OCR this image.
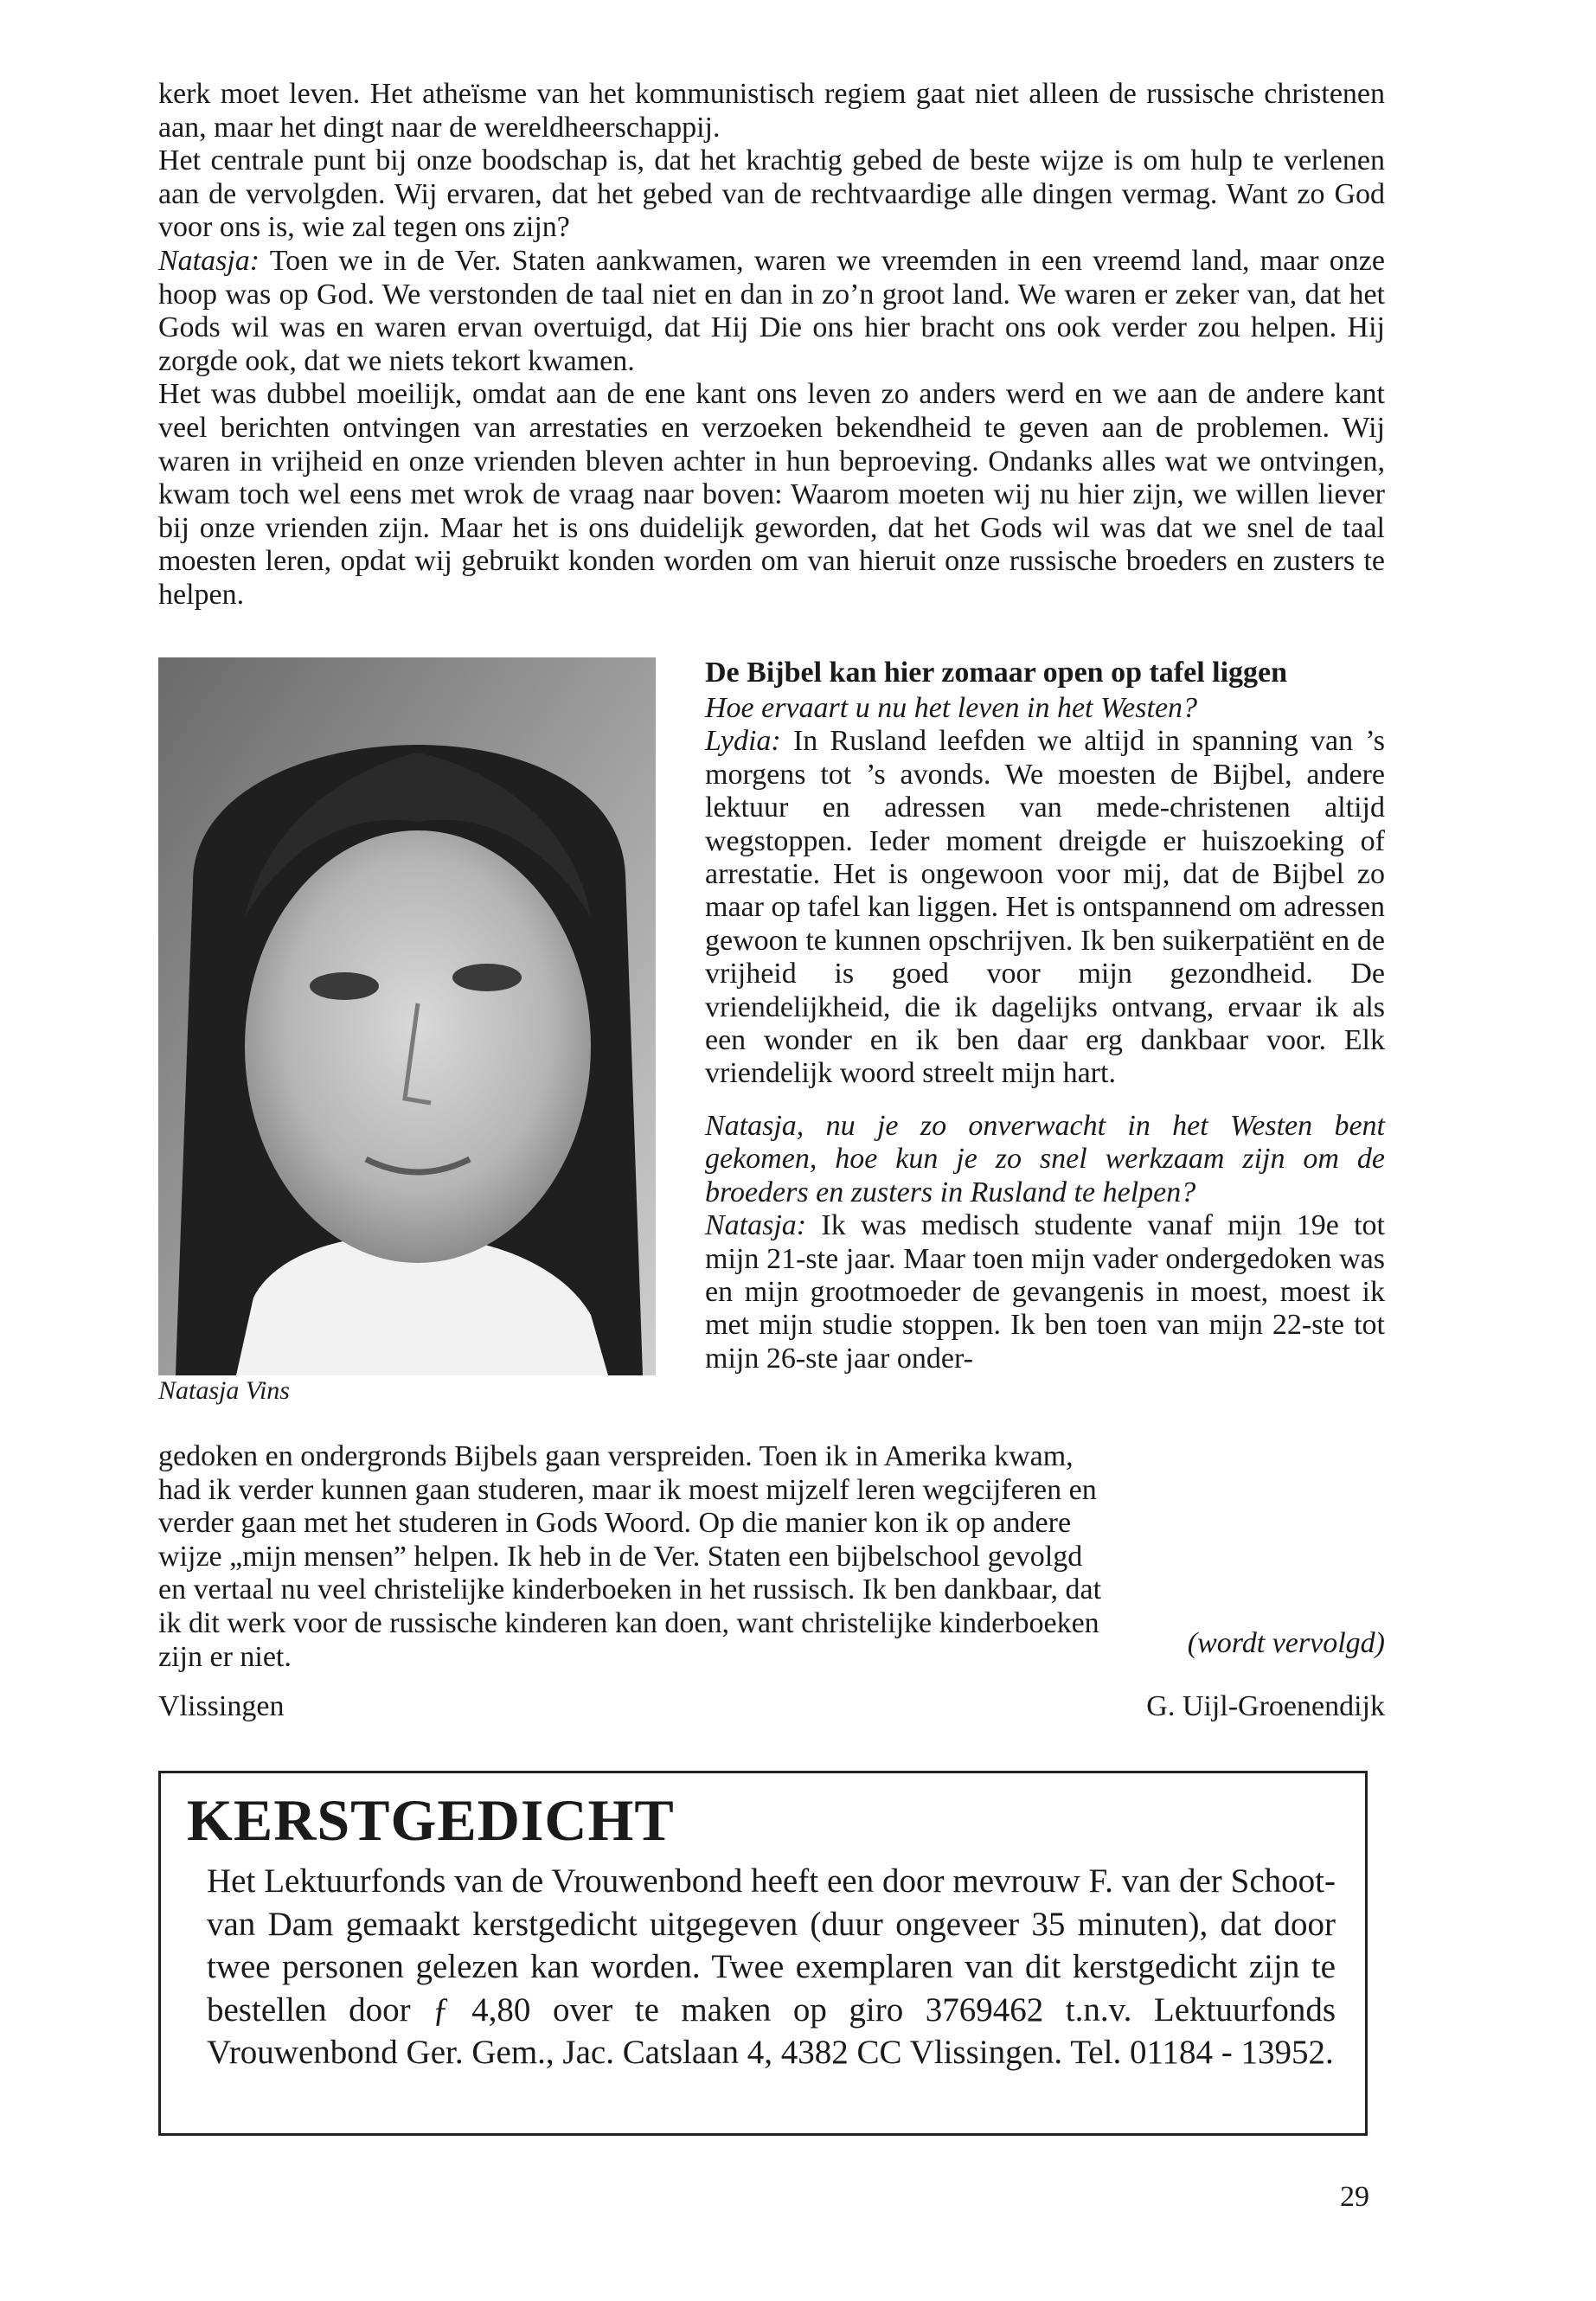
kerk moet leven. Het atheïsme van het kommunistisch regiem gaat niet alleen de russische christenen aan, maar het dingt naar de wereldheerschappij.

Het centrale punt bij onze boodschap is, dat het krachtig gebed de beste wijze is om hulp te verlenen aan de vervolgden. Wij ervaren, dat het gebed van de rechtvaardige alle dingen vermag. Want zo God voor ons is, wie zal tegen ons zijn?

Natasja: Toen we in de Ver. Staten aankwamen, waren we vreemden in een vreemd land, maar onze hoop was op God. We verstonden de taal niet en dan in zo’n groot land. We waren er zeker van, dat het Gods wil was en waren ervan overtuigd, dat Hij Die ons hier bracht ons ook verder zou helpen. Hij zorgde ook, dat we niets tekort kwamen.

Het was dubbel moeilijk, omdat aan de ene kant ons leven zo anders werd en we aan de andere kant veel berichten ontvingen van arrestaties en verzoeken bekendheid te geven aan de problemen. Wij waren in vrijheid en onze vrienden bleven achter in hun beproeving. Ondanks alles wat we ontvingen, kwam toch wel eens met wrok de vraag naar boven: Waarom moeten wij nu hier zijn, we willen liever bij onze vrienden zijn. Maar het is ons duidelijk geworden, dat het Gods wil was dat we snel de taal moesten leren, opdat wij gebruikt konden worden om van hieruit onze russische broeders en zusters te helpen.

Natasja Vins
De Bijbel kan hier zomaar open op tafel liggen

Hoe ervaart u nu het leven in het Westen?

Lydia: In Rusland leefden we altijd in spanning van ’s morgens tot ’s avonds. We moesten de Bijbel, andere lektuur en adressen van mede-christenen altijd wegstoppen. Ieder moment dreigde er huiszoeking of arrestatie. Het is ongewoon voor mij, dat de Bijbel zo maar op tafel kan liggen. Het is ontspannend om adressen gewoon te kunnen opschrijven. Ik ben suikerpatiënt en de vrijheid is goed voor mijn gezondheid. De vriendelijkheid, die ik dagelijks ontvang, ervaar ik als een wonder en ik ben daar erg dankbaar voor. Elk vriendelijk woord streelt mijn hart.

Natasja, nu je zo onverwacht in het Westen bent gekomen, hoe kun je zo snel werkzaam zijn om de broeders en zusters in Rusland te helpen?

Natasja: Ik was medisch studente vanaf mijn 19e tot mijn 21-ste jaar. Maar toen mijn vader ondergedoken was en mijn grootmoeder de gevangenis in moest, moest ik met mijn studie stoppen. Ik ben toen van mijn 22-ste tot mijn 26-ste jaar onder-

gedoken en ondergronds Bijbels gaan verspreiden. Toen ik in Amerika kwam, had ik verder kunnen gaan studeren, maar ik moest mijzelf leren wegcijferen en verder gaan met het studeren in Gods Woord. Op die manier kon ik op andere wijze „mijn mensen” helpen. Ik heb in de Ver. Staten een bijbelschool gevolgd en vertaal nu veel christelijke kinderboeken in het russisch. Ik ben dankbaar, dat ik dit werk voor de russische kinderen kan doen, want christelijke kinderboeken zijn er niet.	(wordt vervolgd)
Vlissingen	G. Uijl-Groenendijk
KERSTGEDICHT

Het Lektuurfonds van de Vrouwenbond heeft een door mevrouw F. van der Schoot-van Dam gemaakt kerstgedicht uitgegeven (duur ongeveer 35 minuten), dat door twee personen gelezen kan worden. Twee exemplaren van dit kerstgedicht zijn te bestellen door ƒ 4,80 over te maken op giro 3769462 t.n.v. Lektuurfonds Vrouwenbond Ger. Gem., Jac. Catslaan 4, 4382 CC Vlissingen. Tel. 01184 - 13952.

29
